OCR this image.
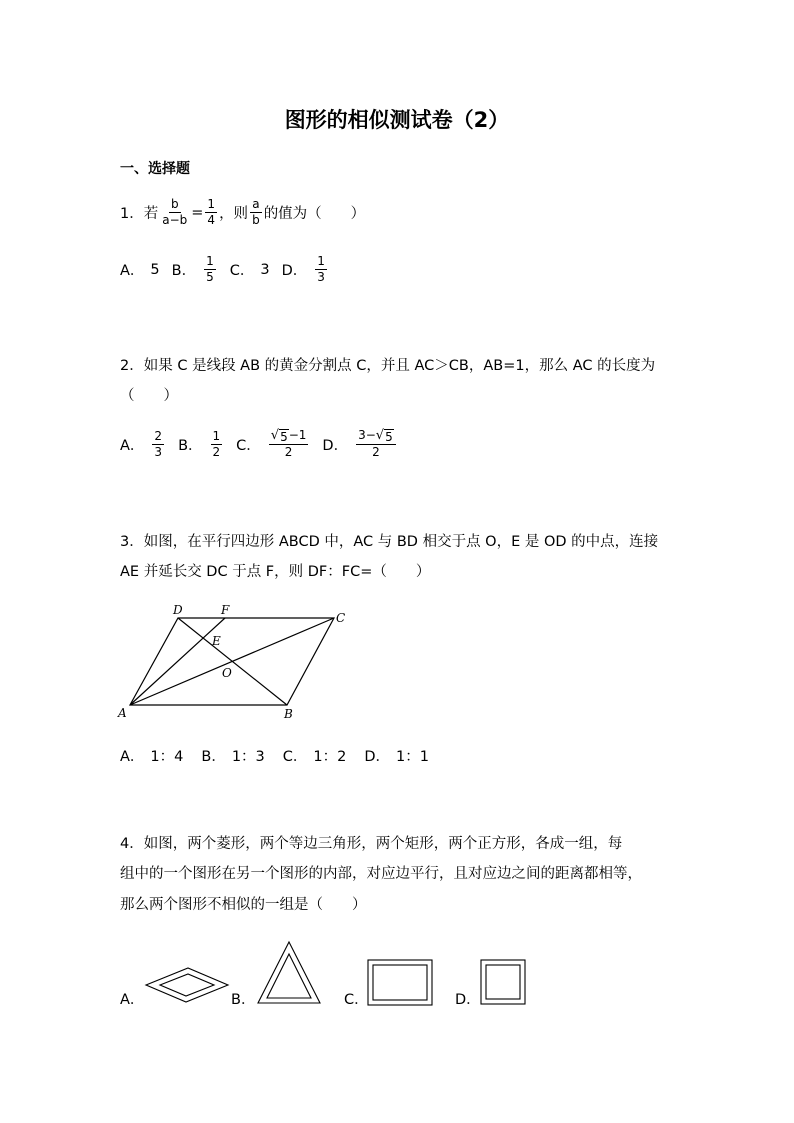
图形的相似测试卷（2）
一、选择题
1．若 $\frac{b}{a-b} = \frac{1}{4}$ ，则 $\frac{a}{b}$ 的值为（　　）
A． 5 B． $\frac{1}{5}$ C． 3 D． $\frac{1}{3}$
2．如果 C 是线段 AB 的黄金分割点 C，并且 AC＞CB，AB=1，那么 AC 的长度为
（　　）
A． $\frac{2}{3}$ B． $\frac{1}{2}$ C． $\frac{√ 5 -1}{2}$ D． $\frac{3- √ 5}{2}$
3．如图，在平行四边形 ABCD 中，AC 与 BD 相交于点 O，E 是 OD 的中点，连接
AE 并延长交 DC 于点 F，则 DF：FC=（　　）
A	B
C
D
E
F
O
A． 1：4 B． 1：3 C． 1：2 D． 1：1
4．如图，两个菱形，两个等边三角形，两个矩形，两个正方形，各成一组，每
组中的一个图形在另一个图形的内部，对应边平行，且对应边之间的距离都相等，
那么两个图形不相似的一组是（　　）
A．	B．	C．	D．
